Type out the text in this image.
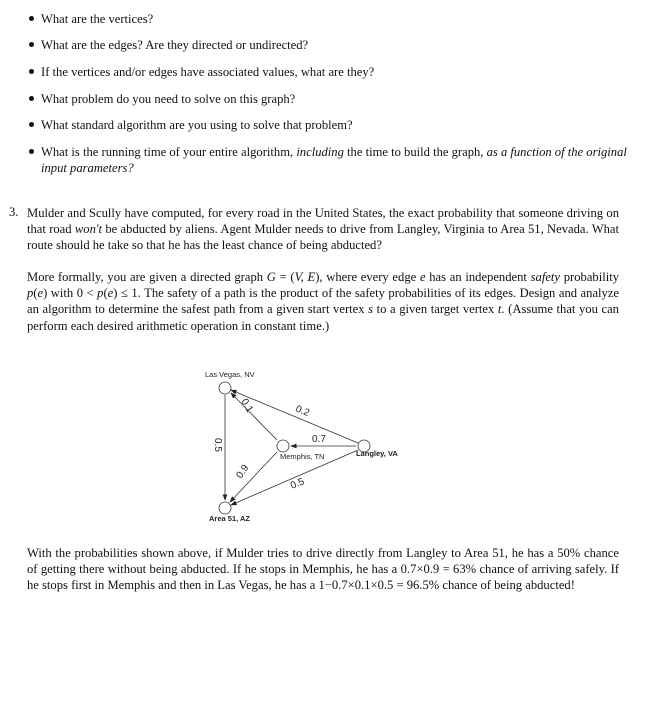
What are the vertices?
What are the edges? Are they directed or undirected?
If the vertices and/or edges have associated values, what are they?
What problem do you need to solve on this graph?
What standard algorithm are you using to solve that problem?
What is the running time of your entire algorithm, including the time to build the graph, as a function of the original input parameters?
3. Mulder and Scully have computed, for every road in the United States, the exact probability that someone driving on that road won't be abducted by aliens. Agent Mulder needs to drive from Langley, Virginia to Area 51, Nevada. What route should he take so that he has the least chance of being abducted?
More formally, you are given a directed graph G = (V, E), where every edge e has an independent safety probability p(e) with 0 < p(e) ≤ 1. The safety of a path is the product of the safety probabilities of its edges. Design and analyze an algorithm to determine the safest path from a given start vertex s to a given target vertex t. (Assume that you can perform each desired arithmetic operation in constant time.)
Las Vegas, NV
Memphis, TN	Langley, VA
Area 51, AZ
0.2
0.7
0.5
0.1
0.9
0.5
With the probabilities shown above, if Mulder tries to drive directly from Langley to Area 51, he has a 50% chance of getting there without being abducted. If he stops in Memphis, he has a 0.7×0.9 = 63% chance of arriving safely. If he stops first in Memphis and then in Las Vegas, he has a 1−0.7×0.1×0.5 = 96.5% chance of being abducted!
